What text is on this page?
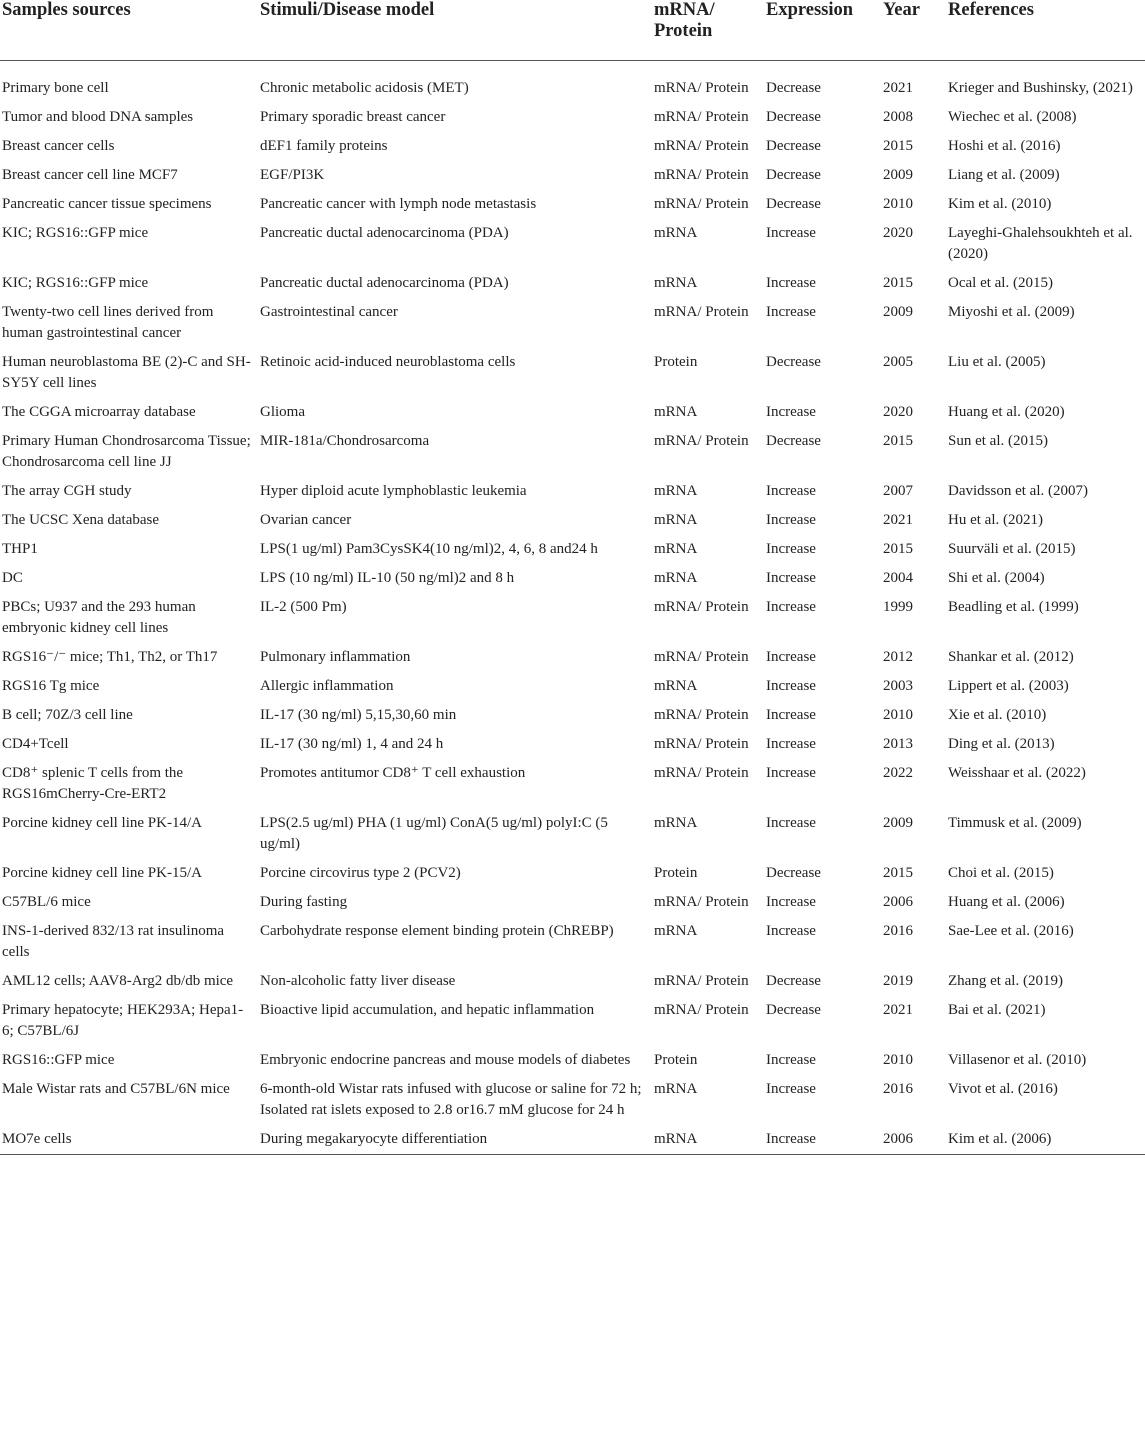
Samples sources	Stimuli/Disease model	mRNA/ Protein	Expression	Year	References
Primary bone cell	Chronic metabolic acidosis (MET)	mRNA/ Protein	Decrease	2021	Krieger and Bushinsky, (2021)
Tumor and blood DNA samples	Primary sporadic breast cancer	mRNA/ Protein	Decrease	2008	Wiechec et al. (2008)
Breast cancer cells	dEF1 family proteins	mRNA/ Protein	Decrease	2015	Hoshi et al. (2016)
Breast cancer cell line MCF7	EGF/PI3K	mRNA/ Protein	Decrease	2009	Liang et al. (2009)
Pancreatic cancer tissue specimens	Pancreatic cancer with lymph node metastasis	mRNA/ Protein	Decrease	2010	Kim et al. (2010)
KIC; RGS16::GFP mice	Pancreatic ductal adenocarcinoma (PDA)	mRNA	Increase	2020	Layeghi-Ghalehsoukhteh et al. (2020)
KIC; RGS16::GFP mice	Pancreatic ductal adenocarcinoma (PDA)	mRNA	Increase	2015	Ocal et al. (2015)
Twenty-two cell lines derived from human gastrointestinal cancer	Gastrointestinal cancer	mRNA/ Protein	Increase	2009	Miyoshi et al. (2009)
Human neuroblastoma BE (2)-C and SH-SY5Y cell lines	Retinoic acid-induced neuroblastoma cells	Protein	Decrease	2005	Liu et al. (2005)
The CGGA microarray database	Glioma	mRNA	Increase	2020	Huang et al. (2020)
Primary Human Chondrosarcoma Tissue; Chondrosarcoma cell line JJ	MIR-181a/Chondrosarcoma	mRNA/ Protein	Decrease	2015	Sun et al. (2015)
The array CGH study	Hyper diploid acute lymphoblastic leukemia	mRNA	Increase	2007	Davidsson et al. (2007)
The UCSC Xena database	Ovarian cancer	mRNA	Increase	2021	Hu et al. (2021)
THP1	LPS(1 ug/ml) Pam3CysSK4(10 ng/ml)2, 4, 6, 8 and24 h	mRNA	Increase	2015	Suurväli et al. (2015)
DC	LPS (10 ng/ml) IL-10 (50 ng/ml)2 and 8 h	mRNA	Increase	2004	Shi et al. (2004)
PBCs; U937 and the 293 human embryonic kidney cell lines	IL-2 (500 Pm)	mRNA/ Protein	Increase	1999	Beadling et al. (1999)
RGS16⁻/⁻ mice; Th1, Th2, or Th17	Pulmonary inflammation	mRNA/ Protein	Increase	2012	Shankar et al. (2012)
RGS16 Tg mice	Allergic inflammation	mRNA	Increase	2003	Lippert et al. (2003)
B cell; 70Z/3 cell line	IL-17 (30 ng/ml) 5,15,30,60 min	mRNA/ Protein	Increase	2010	Xie et al. (2010)
CD4+Tcell	IL-17 (30 ng/ml) 1, 4 and 24 h	mRNA/ Protein	Increase	2013	Ding et al. (2013)
CD8⁺ splenic T cells from the RGS16mCherry-Cre-ERT2	Promotes antitumor CD8⁺ T cell exhaustion	mRNA/ Protein	Increase	2022	Weisshaar et al. (2022)
Porcine kidney cell line PK-14/A	LPS(2.5 ug/ml) PHA (1 ug/ml) ConA(5 ug/ml) polyI:C (5 ug/ml)	mRNA	Increase	2009	Timmusk et al. (2009)
Porcine kidney cell line PK-15/A	Porcine circovirus type 2 (PCV2)	Protein	Decrease	2015	Choi et al. (2015)
C57BL/6 mice	During fasting	mRNA/ Protein	Increase	2006	Huang et al. (2006)
INS-1-derived 832/13 rat insulinoma cells	Carbohydrate response element binding protein (ChREBP)	mRNA	Increase	2016	Sae-Lee et al. (2016)
AML12 cells; AAV8-Arg2 db/db mice	Non-alcoholic fatty liver disease	mRNA/ Protein	Decrease	2019	Zhang et al. (2019)
Primary hepatocyte; HEK293A; Hepa1-6; C57BL/6J	Bioactive lipid accumulation, and hepatic inflammation	mRNA/ Protein	Decrease	2021	Bai et al. (2021)
RGS16::GFP mice	Embryonic endocrine pancreas and mouse models of diabetes	Protein	Increase	2010	Villasenor et al. (2010)
Male Wistar rats and C57BL/6N mice	6-month-old Wistar rats infused with glucose or saline for 72 h; Isolated rat islets exposed to 2.8 or16.7 mM glucose for 24 h	mRNA	Increase	2016	Vivot et al. (2016)
MO7e cells	During megakaryocyte differentiation	mRNA	Increase	2006	Kim et al. (2006)
